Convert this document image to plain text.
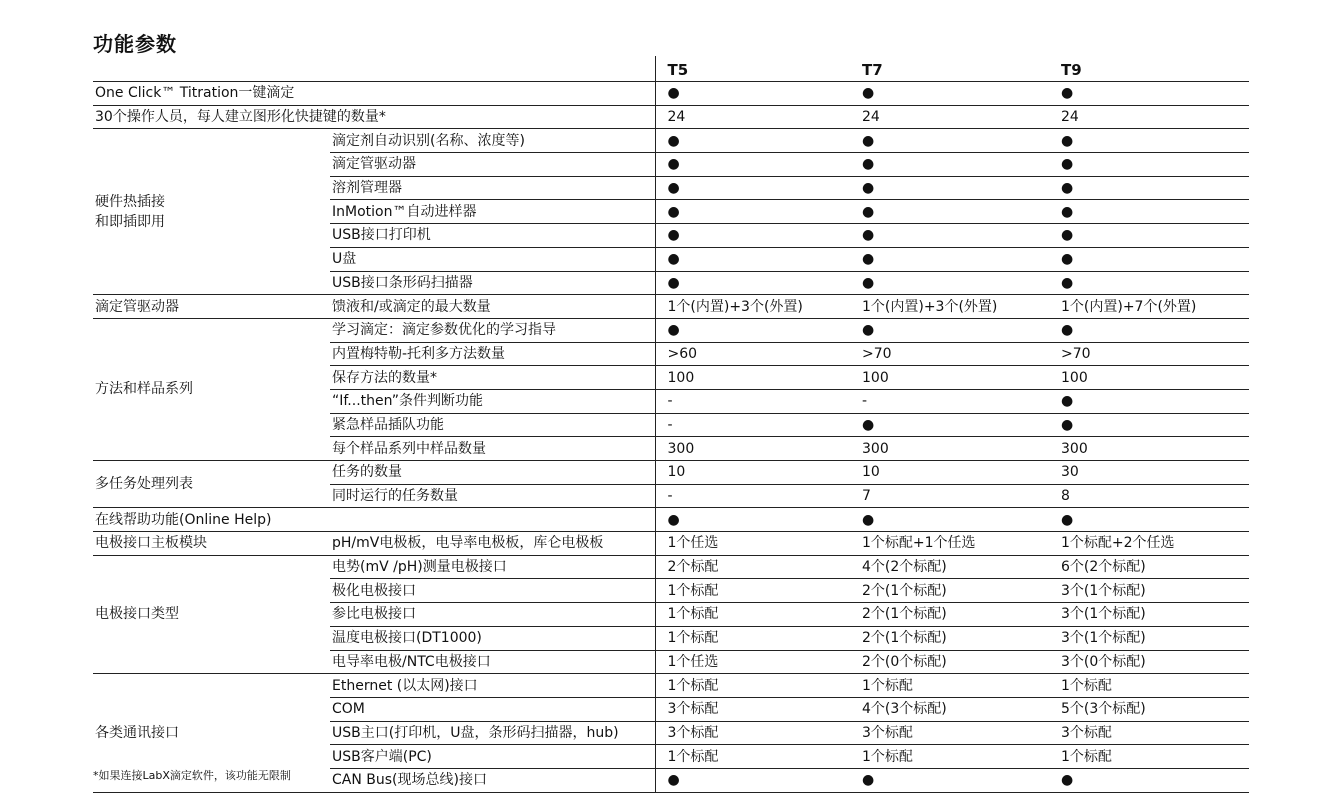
功能参数
		T5	T7	T9
One Click™ Titration一键滴定		●	●	●
30个操作人员，每人建立图形化快捷键的数量*		24	24	24
硬件热插接
和即插即用	滴定剂自动识别(名称、浓度等)	●	●	●
	滴定管驱动器	●	●	●
	溶剂管理器	●	●	●
	InMotion™自动进样器	●	●	●
	USB接口打印机	●	●	●
	U盘	●	●	●
	USB接口条形码扫描器	●	●	●
滴定管驱动器	馈液和/或滴定的最大数量	1个(内置)+3个(外置)	1个(内置)+3个(外置)	1个(内置)+7个(外置)
方法和样品系列	学习滴定：滴定参数优化的学习指导	●	●	●
	内置梅特勒-托利多方法数量	>60	>70	>70
	保存方法的数量*	100	100	100
	“If...then”条件判断功能	-	-	●
	紧急样品插队功能	-	●	●
	每个样品系列中样品数量	300	300	300
多任务处理列表	任务的数量	10	10	30
	同时运行的任务数量	-	7	8
在线帮助功能(Online Help)		●	●	●
电极接口主板模块	pH/mV电极板，电导率电极板，库仑电极板	1个任选	1个标配+1个任选	1个标配+2个任选
电极接口类型	电势(mV /pH)测量电极接口	2个标配	4个(2个标配)	6个(2个标配)
	极化电极接口	1个标配	2个(1个标配)	3个(1个标配)
	参比电极接口	1个标配	2个(1个标配)	3个(1个标配)
	温度电极接口(DT1000)	1个标配	2个(1个标配)	3个(1个标配)
	电导率电极/NTC电极接口	1个任选	2个(0个标配)	3个(0个标配)
各类通讯接口	Ethernet (以太网)接口	1个标配	1个标配	1个标配
	COM	3个标配	4个(3个标配)	5个(3个标配)
	USB主口(打印机，U盘，条形码扫描器，hub)	3个标配	3个标配	3个标配
	USB客户端(PC)	1个标配	1个标配	1个标配
	CAN Bus(现场总线)接口	●	●	●
*如果连接LabX滴定软件，该功能无限制
